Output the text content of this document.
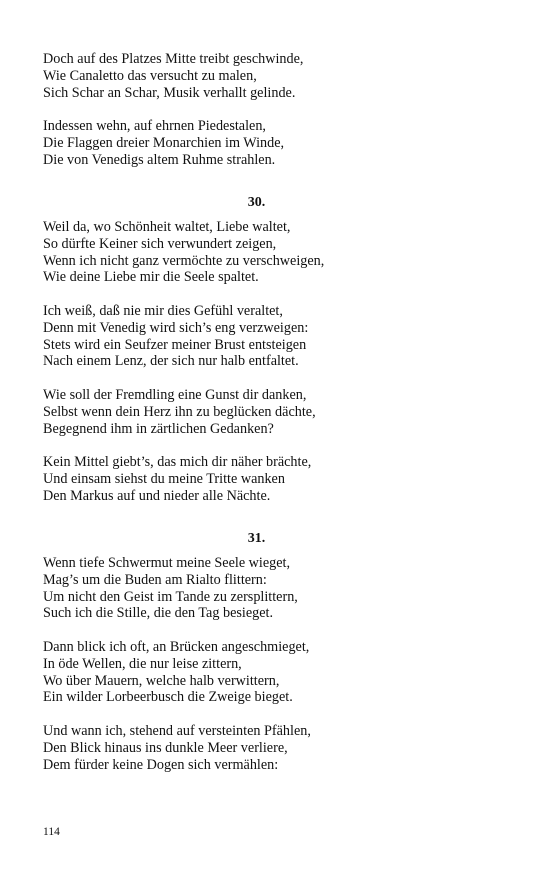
Doch auf des Platzes Mitte treibt geschwinde,
Wie Canaletto das versucht zu malen,
Sich Schar an Schar, Musik verhallt gelinde.

Indessen wehn, auf ehrnen Piedestalen,
Die Flaggen dreier Monarchien im Winde,
Die von Venedigs altem Ruhme strahlen.

30.

Weil da, wo Schönheit waltet, Liebe waltet,
So dürfte Keiner sich verwundert zeigen,
Wenn ich nicht ganz vermöchte zu verschweigen,
Wie deine Liebe mir die Seele spaltet.

Ich weiß, daß nie mir dies Gefühl veraltet,
Denn mit Venedig wird sich’s eng verzweigen:
Stets wird ein Seufzer meiner Brust entsteigen
Nach einem Lenz, der sich nur halb entfaltet.

Wie soll der Fremdling eine Gunst dir danken,
Selbst wenn dein Herz ihn zu beglücken dächte,
Begegnend ihm in zärtlichen Gedanken?

Kein Mittel giebt’s, das mich dir näher brächte,
Und einsam siehst du meine Tritte wanken
Den Markus auf und nieder alle Nächte.

31.

Wenn tiefe Schwermut meine Seele wieget,
Mag’s um die Buden am Rialto flittern:
Um nicht den Geist im Tande zu zersplittern,
Such ich die Stille, die den Tag besieget.

Dann blick ich oft, an Brücken angeschmieget,
In öde Wellen, die nur leise zittern,
Wo über Mauern, welche halb verwittern,
Ein wilder Lorbeerbusch die Zweige bieget.

Und wann ich, stehend auf versteinten Pfählen,
Den Blick hinaus ins dunkle Meer verliere,
Dem fürder keine Dogen sich vermählen:

114
